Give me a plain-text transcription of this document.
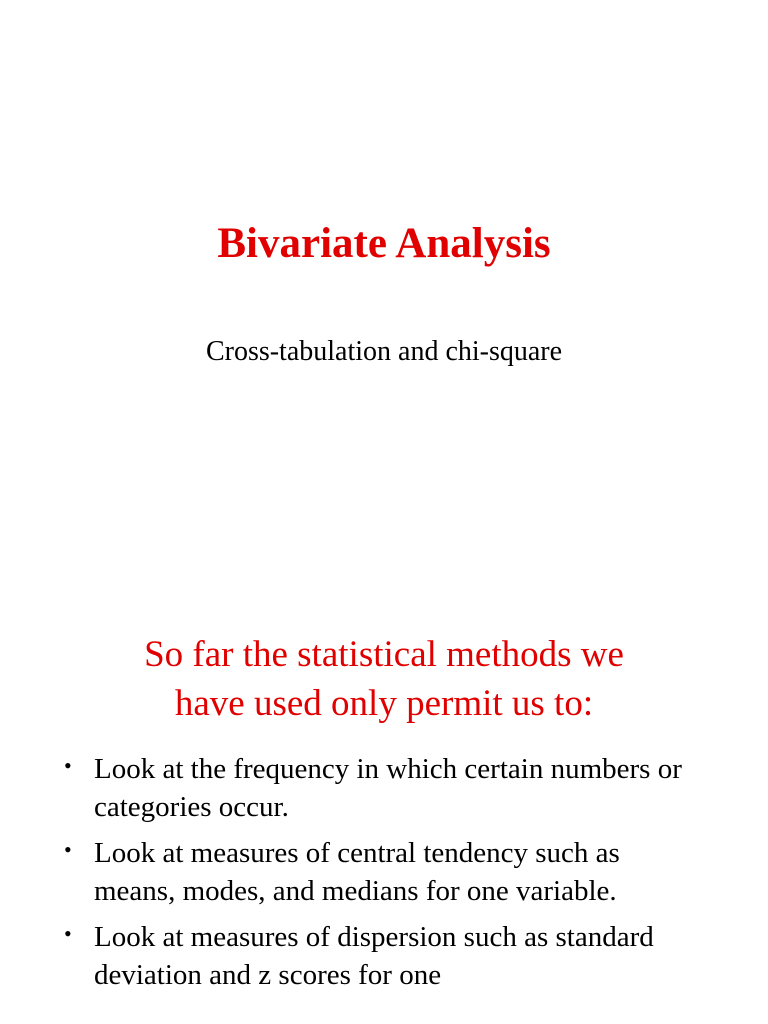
Bivariate Analysis

Cross-tabulation and chi-square

So far the statistical methods we
have used only permit us to:
• Look at the frequency in which certain numbers or categories occur.
• Look at measures of central tendency such as means, modes, and medians for one variable.
• Look at measures of dispersion such as standard deviation and z scores for one
